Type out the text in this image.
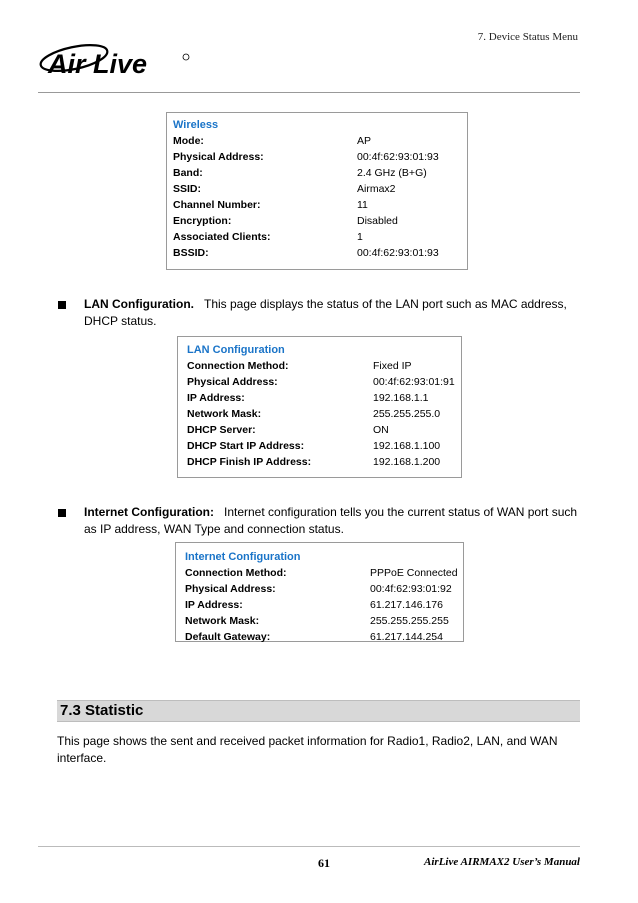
7. Device Status Menu
Air Live
Wireless
Mode:	AP
Physical Address:	00:4f:62:93:01:93
Band:	2.4 GHz (B+G)
SSID:	Airmax2
Channel Number:	11
Encryption:	Disabled
Associated Clients:	1
BSSID:	00:4f:62:93:01:93
LAN Configuration. This page displays the status of the LAN port such as MAC address, DHCP status.
LAN Configuration
Connection Method:	Fixed IP
Physical Address:	00:4f:62:93:01:91
IP Address:	192.168.1.1
Network Mask:	255.255.255.0
DHCP Server:	ON
DHCP Start IP Address:	192.168.1.100
DHCP Finish IP Address:	192.168.1.200
Internet Configuration: Internet configuration tells you the current status of WAN port such as IP address, WAN Type and connection status.
Internet Configuration
Connection Method:	PPPoE Connected
Physical Address:	00:4f:62:93:01:92
IP Address:	61.217.146.176
Network Mask:	255.255.255.255
Default Gateway:	61.217.144.254
7.3 Statistic
This page shows the sent and received packet information for Radio1, Radio2, LAN, and WAN interface.
61	AirLive AIRMAX2 User’s Manual
